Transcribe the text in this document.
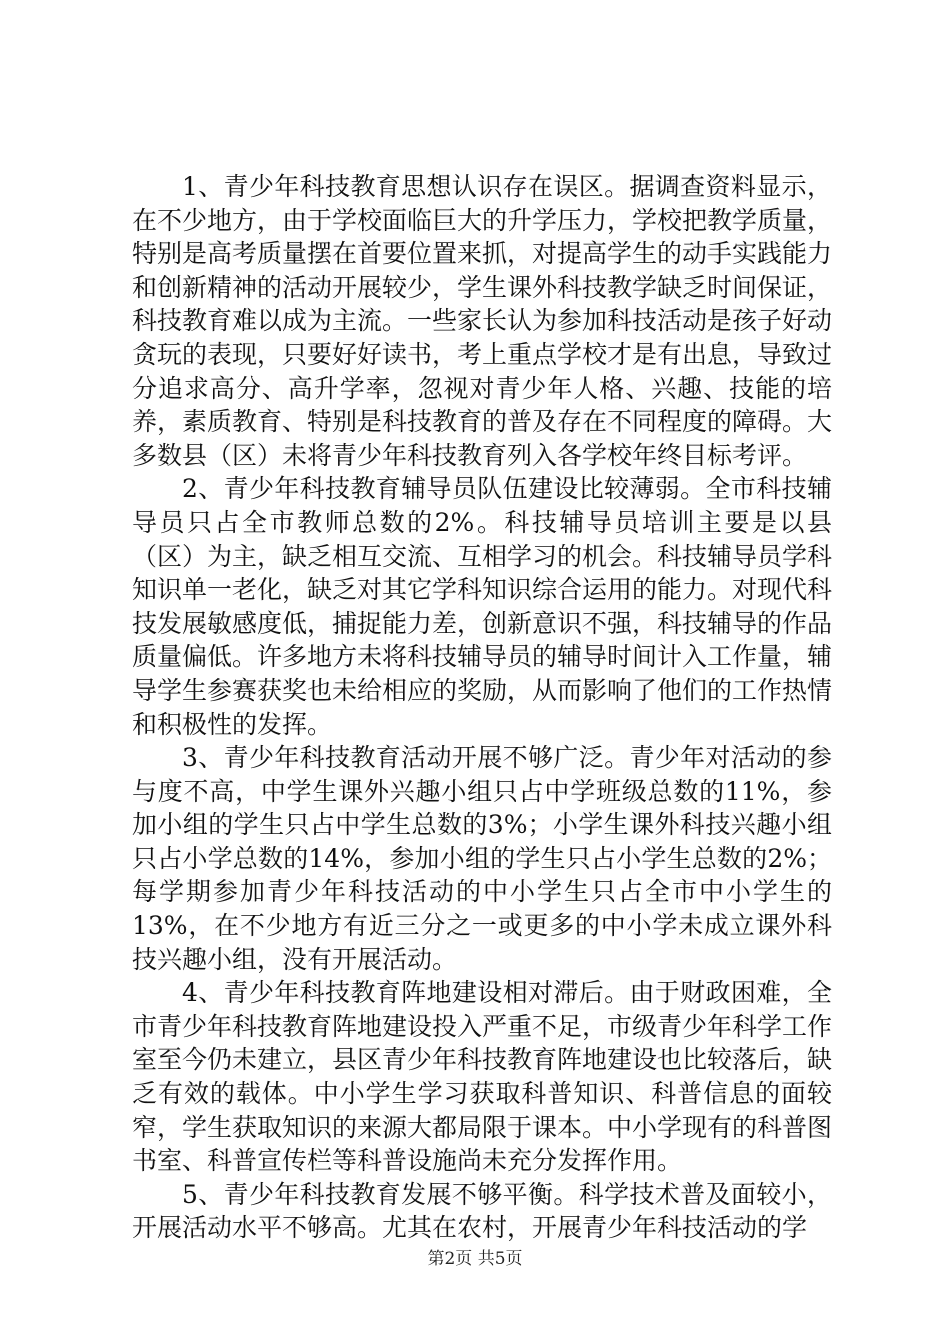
1、青少年科技教育思想认识存在误区。据调查资料显示，在不少地方，由于学校面临巨大的升学压力，学校把教学质量，特别是高考质量摆在首要位置来抓，对提高学生的动手实践能力和创新精神的活动开展较少，学生课外科技教学缺乏时间保证，科技教育难以成为主流。一些家长认为参加科技活动是孩子好动贪玩的表现，只要好好读书，考上重点学校才是有出息，导致过分追求高分、高升学率，忽视对青少年人格、兴趣、技能的培养，素质教育、特别是科技教育的普及存在不同程度的障碍。大多数县（区）未将青少年科技教育列入各学校年终目标考评。

2、青少年科技教育辅导员队伍建设比较薄弱。全市科技辅导员只占全市教师总数的2%。科技辅导员培训主要是以县（区）为主，缺乏相互交流、互相学习的机会。科技辅导员学科知识单一老化，缺乏对其它学科知识综合运用的能力。对现代科技发展敏感度低，捕捉能力差，创新意识不强，科技辅导的作品质量偏低。许多地方未将科技辅导员的辅导时间计入工作量，辅导学生参赛获奖也未给相应的奖励，从而影响了他们的工作热情和积极性的发挥。

3、青少年科技教育活动开展不够广泛。青少年对活动的参与度不高，中学生课外兴趣小组只占中学班级总数的11%，参加小组的学生只占中学生总数的3%；小学生课外科技兴趣小组只占小学总数的14%，参加小组的学生只占小学生总数的2%；每学期参加青少年科技活动的中小学生只占全市中小学生的13%，在不少地方有近三分之一或更多的中小学未成立课外科技兴趣小组，没有开展活动。

4、青少年科技教育阵地建设相对滞后。由于财政困难，全市青少年科技教育阵地建设投入严重不足，市级青少年科学工作室至今仍未建立，县区青少年科技教育阵地建设也比较落后，缺乏有效的载体。中小学生学习获取科普知识、科普信息的面较窄，学生获取知识的来源大都局限于课本。中小学现有的科普图书室、科普宣传栏等科普设施尚未充分发挥作用。

5、青少年科技教育发展不够平衡。科学技术普及面较小，开展活动水平不够高。尤其在农村，开展青少年科技活动的学

第2页 共5页
